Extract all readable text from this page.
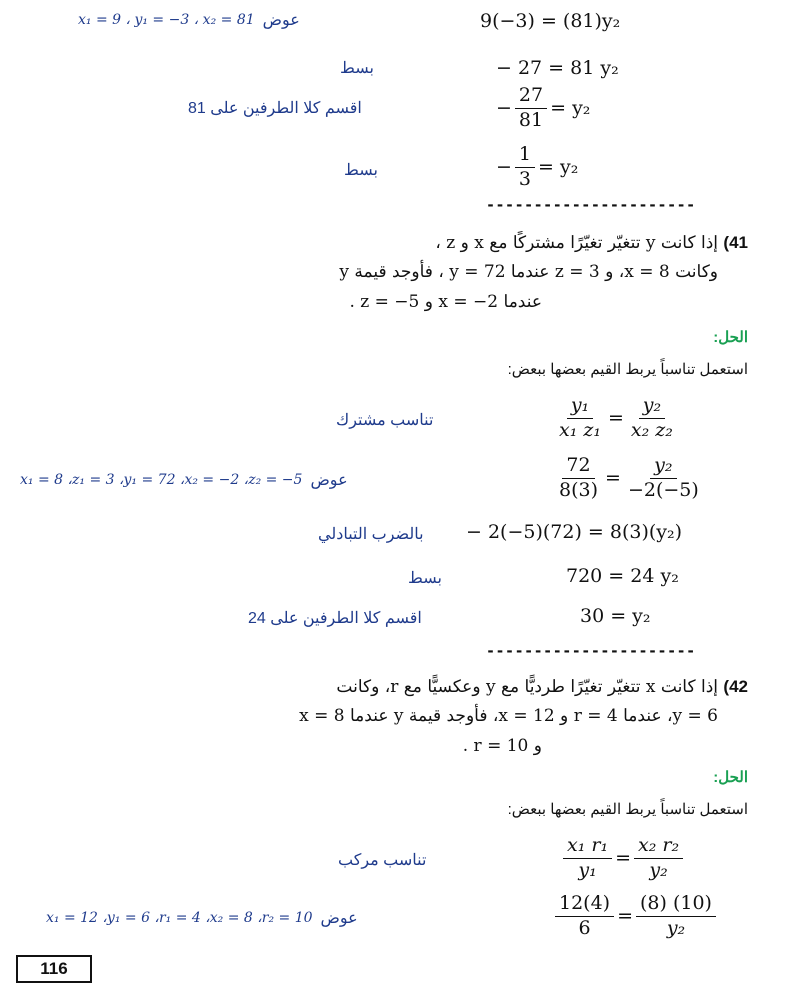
x₁ = 9 ، y₁ = −3 ، x₂ = 81 عوض	9(−3) = (81)y₂
بسط	− 27 = 81 y₂
اقسم كلا الطرفين على 81	− $\frac{27}{81} = y_2$
بسط	− $\frac{1}{3} = y_2$
----------------------
41) إذا كانت y تتغيّر تغيّرًا مشتركًا مع x و z ،
وكانت 8 = x، و 3 = z عندما 72 = y ، فأوجد قيمة y
عندما 2− = x و 5− = z .
الحل:
استعمل تناسباً يربط القيم بعضها ببعض:
تناسب مشترك	$\frac{\text{y₁}}{\text{x₁ z₁}} = \frac{\text{y₂}}{\text{x₂ z₂}}$
x₁ = 8 ،z₁ = 3 ،y₁ = 72 ،x₂ = −2 ،z₂ = −5 عوض	$\frac{72}{8(3)} = \frac{\text{y₂}}{-2(-5)}$
بالضرب التبادلي − 2(−5)(72) = 8(3)(y₂)
بسط	720 = 24 y₂
اقسم كلا الطرفين على 24	30 = y₂
----------------------
42) إذا كانت x تتغيّر تغيّرًا طرديًّا مع y وعكسيًّا مع r، وكانت
6 = y، عندما 4 = r و 12 = x، فأوجد قيمة y عندما 8 = x
و 10 = r .
الحل:
استعمل تناسباً يربط القيم بعضها ببعض:
تناسب مركب	$\frac{\text{x₁ r₁}}{\text{y₁}} = \frac{\text{x₂ r₂}}{\text{y₂}}$
x₁ = 12 ،y₁ = 6 ،r₁ = 4 ،x₂ = 8 ،r₂ = 10 عوض	$\frac{12(4)}{6} = \frac{(8) (10)}{\text{y₂}}$
116
